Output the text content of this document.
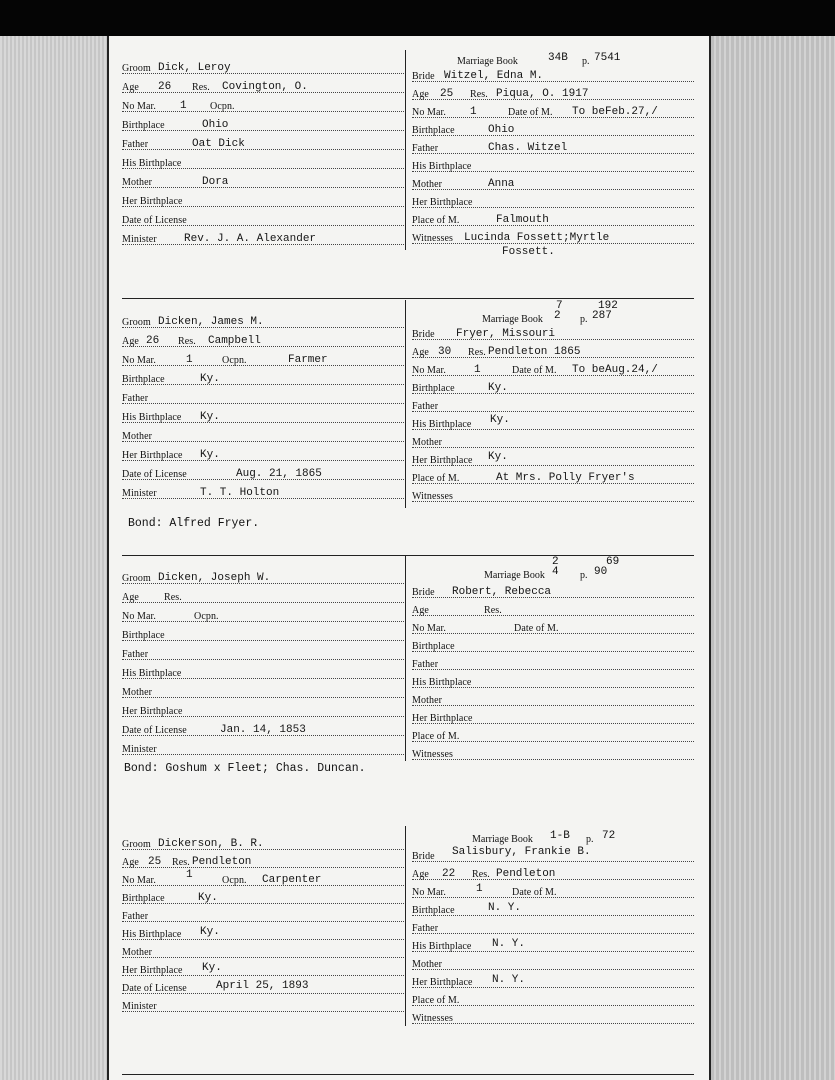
Groom Dick, Leroy
Age 26 Res. Covington, O.
No Mar. 1 Ocpn.
Birthplace	Ohio
Father	Oat Dick
His Birthplace
Mother	Dora
Her Birthplace
Date of License
Minister Rev. J. A. Alexander
Marriage Book	34B p. 7541
Bride Witzel, Edna M.
Age 25 Res. Piqua, O. 1917
No Mar. 1	Date of M. To beFeb.27,/
Birthplace	Ohio
Father	Chas. Witzel
His Birthplace
Mother	Anna
Her Birthplace
Place of M.	Falmouth
Witnesses Lucinda Fossett;Myrtle
Fossett.
Groom Dicken, James M.
Age 26 Res. Campbell
No Mar.	1	Ocpn.	Farmer
Birthplace	Ky.
Father
His Birthplace Ky.
Mother
Her Birthplace Ky.
Date of License	Aug. 21, 1865
Minister	T. T. Holton
Bond: Alfred Fryer.
7	192
Marriage Book 2 p. 287
Bride Fryer, Missouri
Age 30 Res. Pendleton 1865
No Mar.	1	Date of M. To beAug.24,/
Birthplace	Ky.
Father
His Birthplace Ky.
Mother
Her Birthplace Ky.
Place of M.	At Mrs. Polly Fryer's
Witnesses
Groom Dicken, Joseph W.
Age	Res.
No Mar.	Ocpn.
Birthplace
Father
His Birthplace
Mother
Her Birthplace
Date of License	Jan. 14, 1853
Minister
Bond: Goshum x Fleet; Chas. Duncan.
2	69
Marriage Book 4 p. 90
Bride Robert, Rebecca
Age	Res.
No Mar.	Date of M.
Birthplace
Father
His Birthplace
Mother
Her Birthplace
Place of M.
Witnesses
Groom Dickerson, B. R.
Age 25 Res. Pendleton
No Mar.	1	Ocpn. Carpenter
Birthplace	Ky.
Father
His Birthplace Ky.
Mother
Her Birthplace Ky.
Date of License	April 25, 1893
Minister
Marriage Book 1-B p. 72
Bride Salisbury, Frankie B.
Age 22 Res. Pendleton
No Mar.	1	Date of M.
Birthplace	N. Y.
Father
His Birthplace N. Y.
Mother
Her Birthplace N. Y.
Place of M.
Witnesses
